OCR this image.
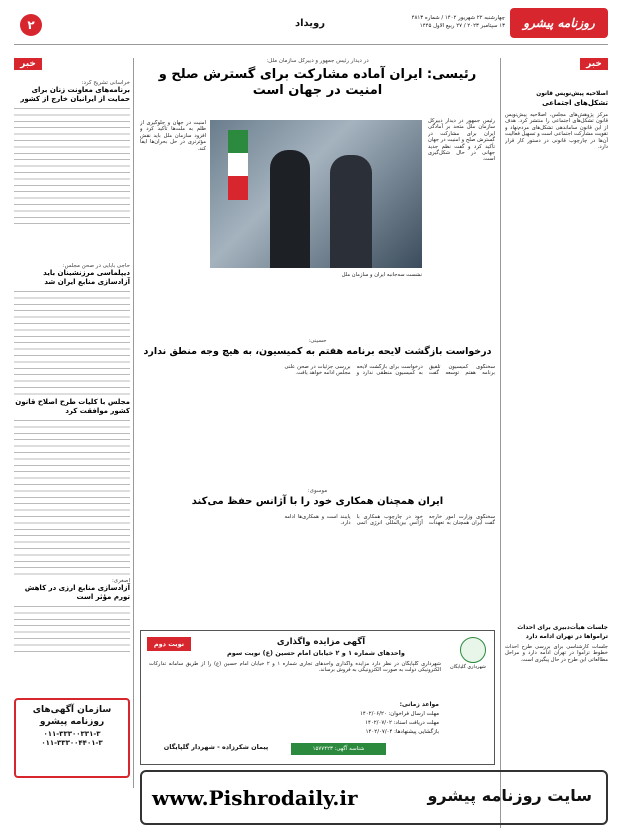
۲	رویداد	روزنامه پیشرو
چهارشنبه ۲۲ شهریور ۱۴۰۲ / شماره ۴۸۱۳
۱۳ سپتامبر ۲۰۲۳ / ۲۷ ربیع الاول ۱۴۴۵
خبر
اصلاحیه پیش‌نویس قانون
تشکل‌های اجتماعی
مرکز پژوهش‌های مجلس، اصلاحیه پیش‌نویس قانون تشکل‌های اجتماعی را منتشر کرد. هدف از این قانون ساماندهی تشکل‌های مردم‌نهاد و تقویت مشارکت اجتماعی است و تسهیل فعالیت آن‌ها در چارچوب قانونی در دستور کار قرار دارد.
جلسات هیأت‌دبیری برای احداث
ترامواها در تهران ادامه دارد
جلسات کارشناسی برای بررسی طرح احداث خطوط تراموا در تهران ادامه دارد و مراحل مطالعاتی این طرح در حال پیگیری است.
خبر
خراسانی تشریح کرد:
برنامه‌های معاونت زنان برای حمایت از ایرانیان خارج از کشور
حاجی بابایی در صحن مجلس:
دیپلماسی مرزنشینان باید آزادسازی منابع ایران شد
مجلس با کلیات طرح اصلاح قانون کشور موافقت کرد
اصغری:
آزادسازی منابع ارزی در کاهش تورم مؤثر است
سازمان آگهی‌های روزنامه پیشرو
۰۱۱-۳۳۳۰۰۳۳۱-۳
۰۱۱-۳۳۳۰۰۴۴۰۱-۳
در دیدار رئیس جمهور و دبیرکل سازمان ملل:
رئیسی: ایران آماده مشارکت برای گسترش صلح و امنیت در جهان است
رئیس جمهور در دیدار دبیرکل سازمان ملل متحد بر آمادگی ایران برای مشارکت در گسترش صلح و امنیت در جهان تأکید کرد و گفت نظم جدید جهانی در حال شکل‌گیری است.
امنیت در جهان و جلوگیری از ظلم به ملت‌ها تأکید کرد و افزود سازمان ملل باید نقش مؤثرتری در حل بحران‌ها ایفا کند.
نشست سه‌جانبه ایران و سازمان ملل
حسینی:
درخواست بازگشت لایحه برنامه هفتم به کمیسیون، به هیچ وجه منطق ندارد
سخنگوی کمیسیون تلفیق برنامه هفتم توسعه گفت درخواست برای بازگشت لایحه به کمیسیون منطقی ندارد و بررسی جزئیات در صحن علنی مجلس ادامه خواهد یافت.
موسوی:
ایران همچنان همکاری خود را با آژانس حفظ می‌کند
سخنگوی وزارت امور خارجه گفت ایران همچنان به تعهدات خود در چارچوب همکاری با آژانس بین‌المللی انرژی اتمی پایبند است و همکاری‌ها ادامه دارد.
نوبت دوم	آگهی مزایده واگذاری
واحدهای شماره ۱ و ۲ خیابان امام حسین (ع) نوبت سوم
شهرداری گلپایگان
شهرداری گلپایگان در نظر دارد مزایده واگذاری واحدهای تجاری شماره ۱ و ۲ خیابان امام حسین (ع) را از طریق سامانه تدارکات الکترونیکی دولت به صورت الکترونیکی به فروش برساند.
مواعد زمانی:
مهلت ارسال فراخوان: ۱۴۰۲/۰۶/۲۰
مهلت دریافت اسناد: ۱۴۰۲/۰۷/۰۲
بازگشایی پیشنهادها: ۱۴۰۲/۰۷/۰۴
پیمان شکرزاده - شهردار گلپایگان	شناسه آگهی: ۱۵۷۷۴۲۳
www.Pishrodaily.ir	سایت روزنامه پیشرو
